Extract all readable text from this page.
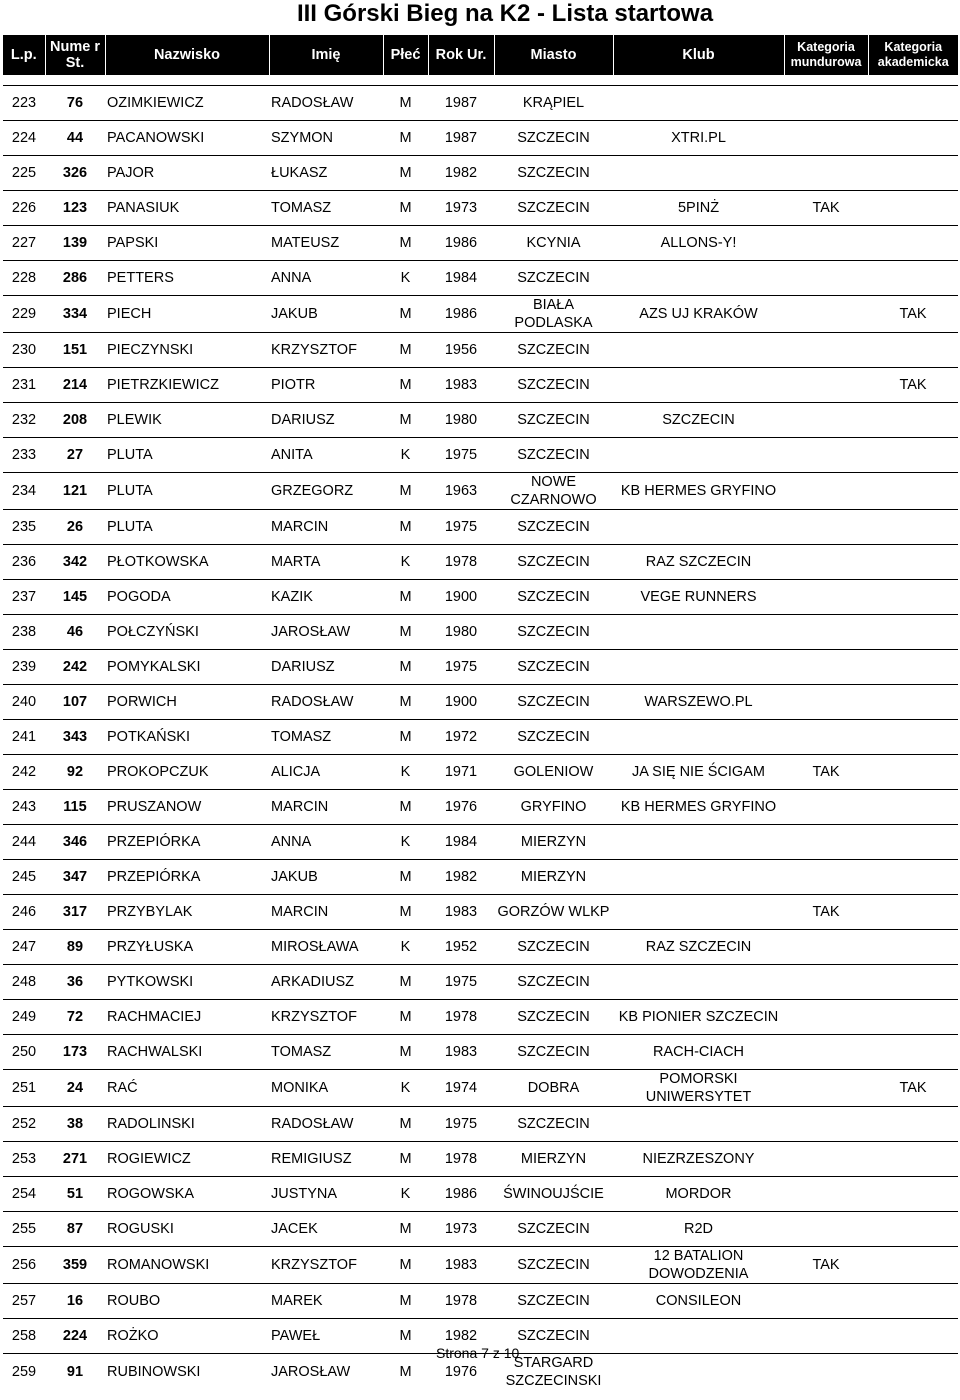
III Górski Bieg na K2 - Lista startowa
L.p.	Nume r St.	Nazwisko	Imię	Płeć	Rok Ur.	Miasto	Klub	Kategoria mundurowa	Kategoria akademicka

223	76	OZIMKIEWICZ	RADOSŁAW	M	1987	KRĄPIEL			
224	44	PACANOWSKI	SZYMON	M	1987	SZCZECIN	XTRI.PL		
225	326	PAJOR	ŁUKASZ	M	1982	SZCZECIN			
226	123	PANASIUK	TOMASZ	M	1973	SZCZECIN	5PINŻ	TAK	
227	139	PAPSKI	MATEUSZ	M	1986	KCYNIA	ALLONS-Y!		
228	286	PETTERS	ANNA	K	1984	SZCZECIN			
229	334	PIECH	JAKUB	M	1986	BIAŁA PODLASKA	AZS UJ KRAKÓW		TAK
230	151	PIECZYNSKI	KRZYSZTOF	M	1956	SZCZECIN			
231	214	PIETRZKIEWICZ	PIOTR	M	1983	SZCZECIN			TAK
232	208	PLEWIK	DARIUSZ	M	1980	SZCZECIN	SZCZECIN		
233	27	PLUTA	ANITA	K	1975	SZCZECIN			
234	121	PLUTA	GRZEGORZ	M	1963	NOWE CZARNOWO	KB HERMES GRYFINO		
235	26	PLUTA	MARCIN	M	1975	SZCZECIN			
236	342	PŁOTKOWSKA	MARTA	K	1978	SZCZECIN	RAZ SZCZECIN		
237	145	POGODA	KAZIK	M	1900	SZCZECIN	VEGE RUNNERS		
238	46	POŁCZYŃSKI	JAROSŁAW	M	1980	SZCZECIN			
239	242	POMYKALSKI	DARIUSZ	M	1975	SZCZECIN			
240	107	PORWICH	RADOSŁAW	M	1900	SZCZECIN	WARSZEWO.PL		
241	343	POTKAŃSKI	TOMASZ	M	1972	SZCZECIN			
242	92	PROKOPCZUK	ALICJA	K	1971	GOLENIOW	JA SIĘ NIE ŚCIGAM	TAK	
243	115	PRUSZANOW	MARCIN	M	1976	GRYFINO	KB HERMES GRYFINO		
244	346	PRZEPIÓRKA	ANNA	K	1984	MIERZYN			
245	347	PRZEPIÓRKA	JAKUB	M	1982	MIERZYN			
246	317	PRZYBYLAK	MARCIN	M	1983	GORZÓW WLKP		TAK	
247	89	PRZYŁUSKA	MIROSŁAWA	K	1952	SZCZECIN	RAZ SZCZECIN		
248	36	PYTKOWSKI	ARKADIUSZ	M	1975	SZCZECIN			
249	72	RACHMACIEJ	KRZYSZTOF	M	1978	SZCZECIN	KB PIONIER SZCZECIN		
250	173	RACHWALSKI	TOMASZ	M	1983	SZCZECIN	RACH-CIACH		
251	24	RAĆ	MONIKA	K	1974	DOBRA	POMORSKI UNIWERSYTET		TAK
252	38	RADOLINSKI	RADOSŁAW	M	1975	SZCZECIN			
253	271	ROGIEWICZ	REMIGIUSZ	M	1978	MIERZYN	NIEZRZESZONY		
254	51	ROGOWSKA	JUSTYNA	K	1986	ŚWINOUJŚCIE	MORDOR		
255	87	ROGUSKI	JACEK	M	1973	SZCZECIN	R2D		
256	359	ROMANOWSKI	KRZYSZTOF	M	1983	SZCZECIN	12 BATALION DOWODZENIA	TAK	
257	16	ROUBO	MAREK	M	1978	SZCZECIN	CONSILEON		
258	224	ROŻKO	PAWEŁ	M	1982	SZCZECIN			
259	91	RUBINOWSKI	JAROSŁAW	M	1976	STARGARD SZCZECINSKI			
Strona 7 z 10
